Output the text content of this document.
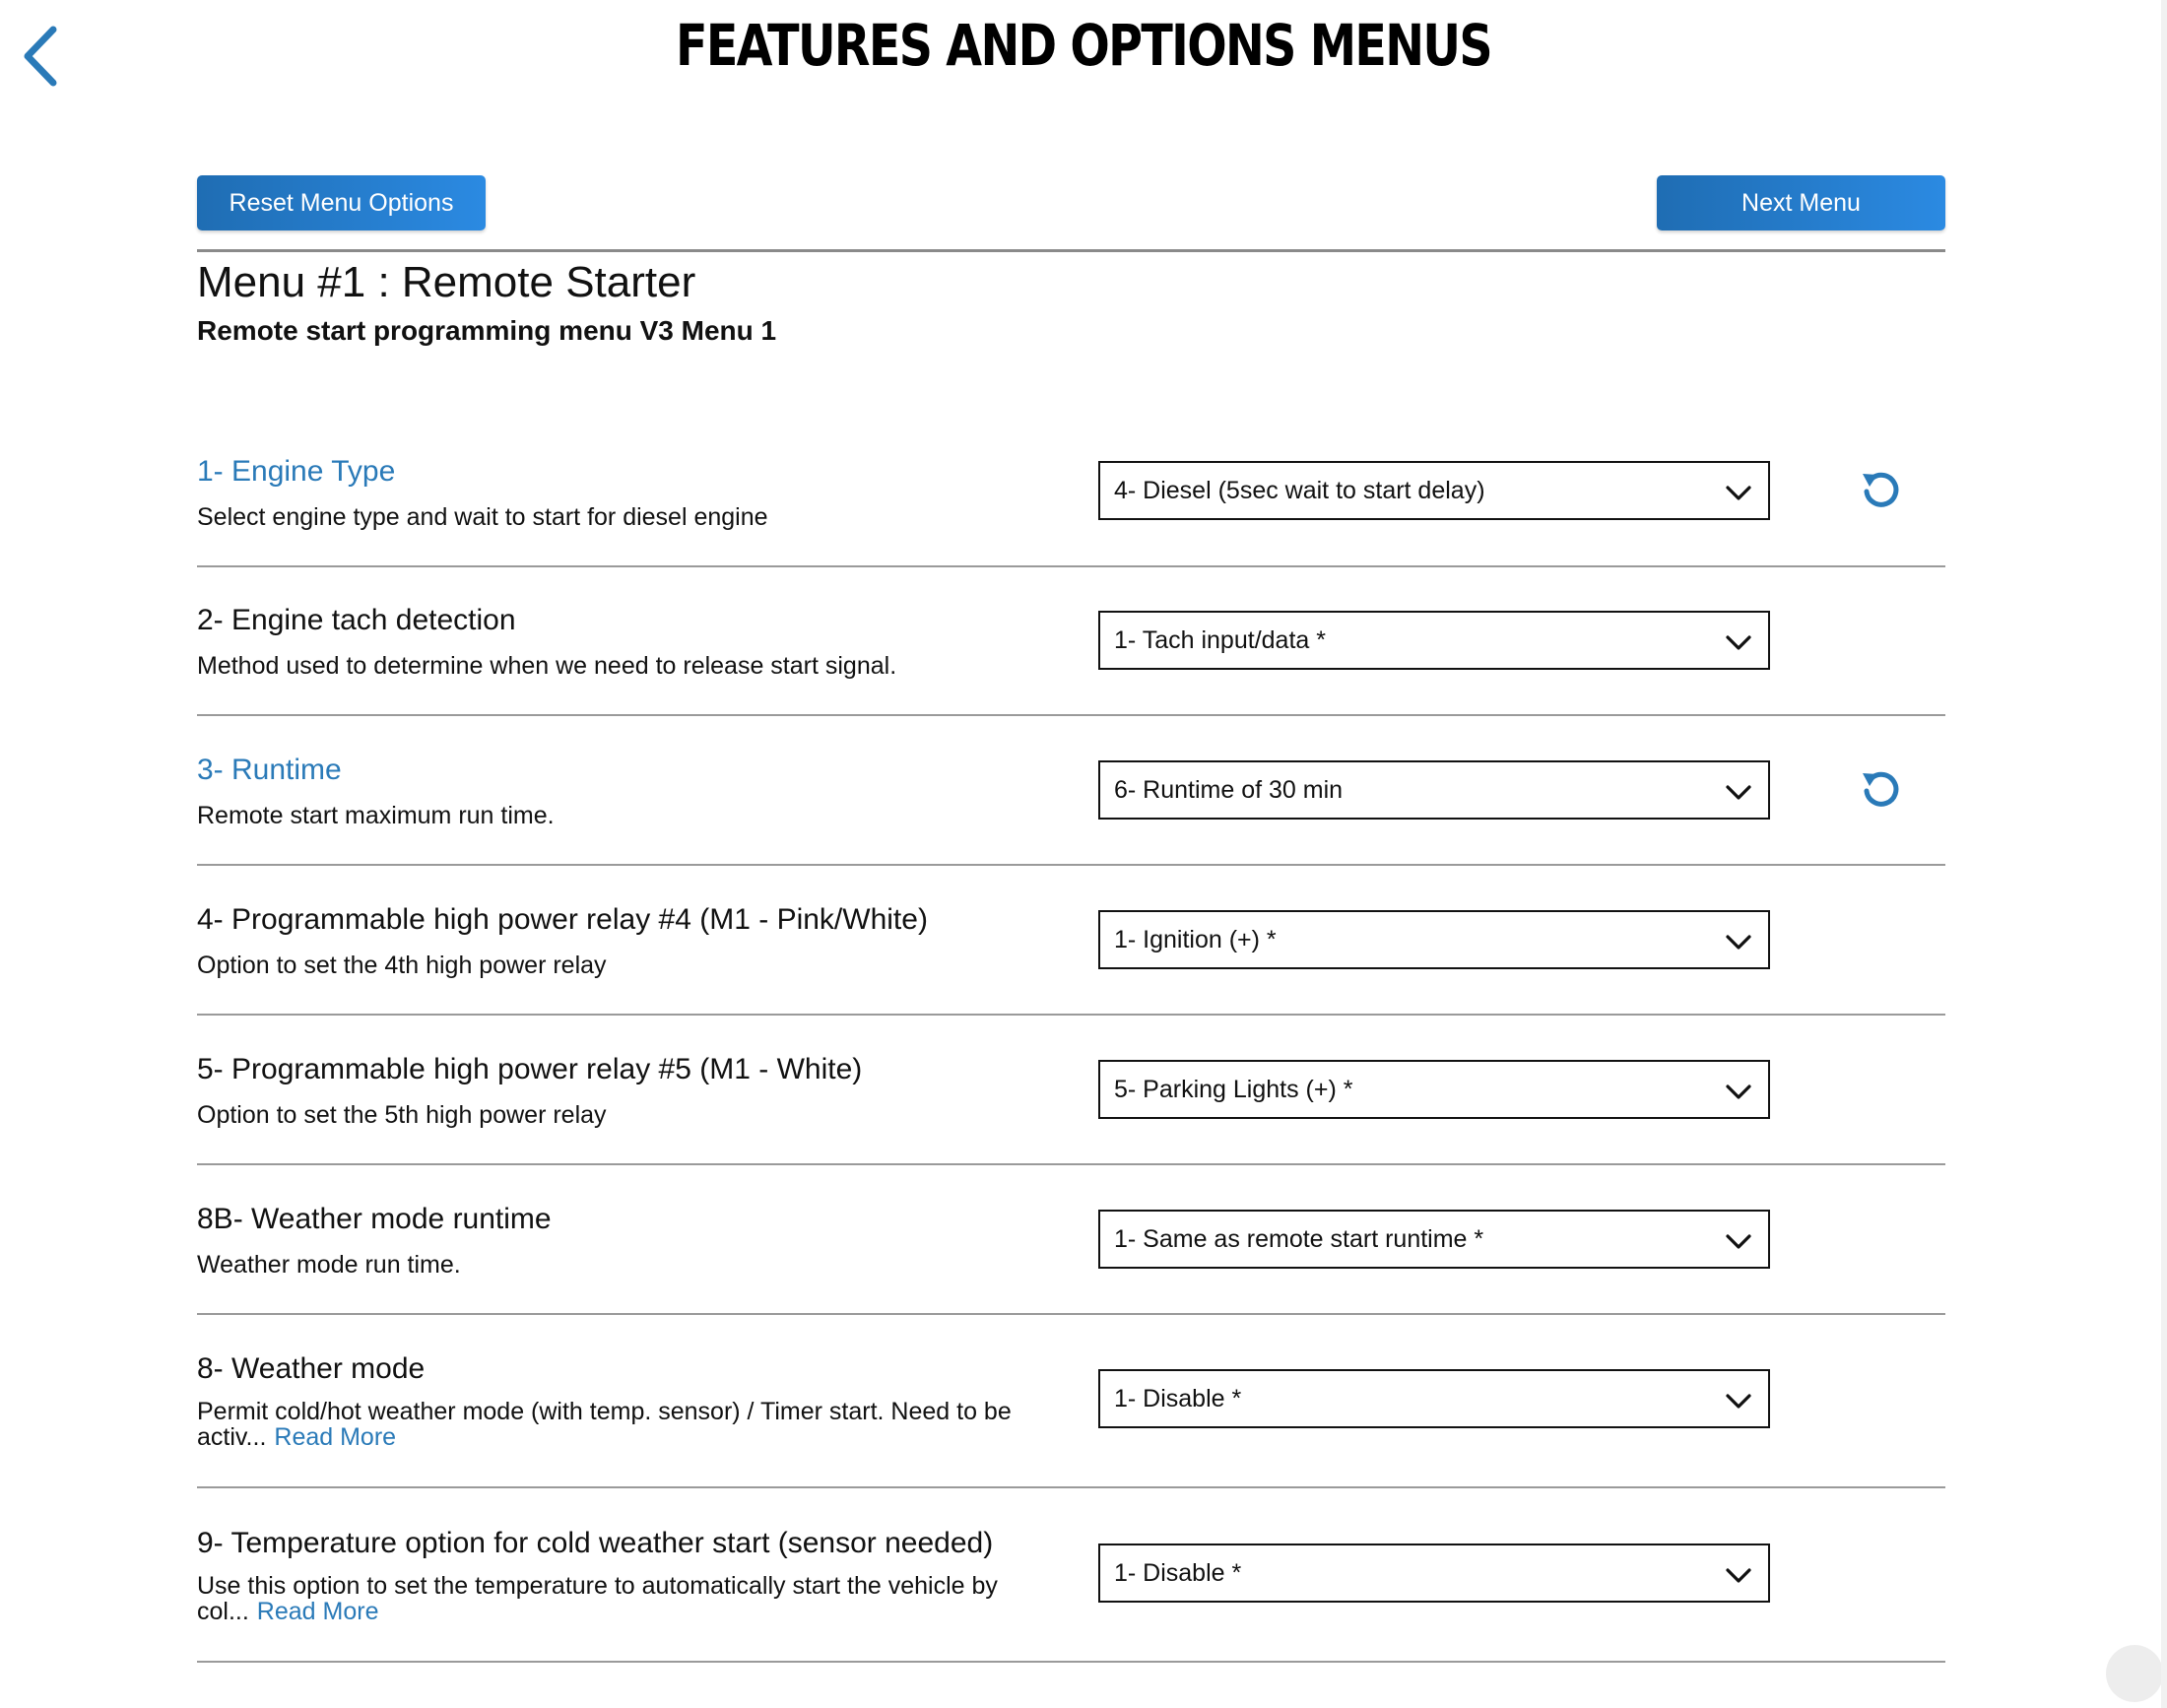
FEATURES AND OPTIONS MENUS
Reset Menu Options	Next Menu
Menu #1 : Remote Starter
Remote start programming menu V3 Menu 1
1- Engine Type
Select engine type and wait to start for diesel engine
4- Diesel (5sec wait to start delay)
2- Engine tach detection
Method used to determine when we need to release start signal.
1- Tach input/data *
3- Runtime
Remote start maximum run time.
6- Runtime of 30 min
4- Programmable high power relay #4 (M1 - Pink/White)
Option to set the 4th high power relay
1- Ignition (+) *
5- Programmable high power relay #5 (M1 - White)
Option to set the 5th high power relay
5- Parking Lights (+) *
8B- Weather mode runtime
Weather mode run time.
1- Same as remote start runtime *
8- Weather mode
Permit cold/hot weather mode (with temp. sensor) / Timer start. Need to be activ... Read More
1- Disable *
9- Temperature option for cold weather start (sensor needed)
Use this option to set the temperature to automatically start the vehicle by col... Read More
1- Disable *
